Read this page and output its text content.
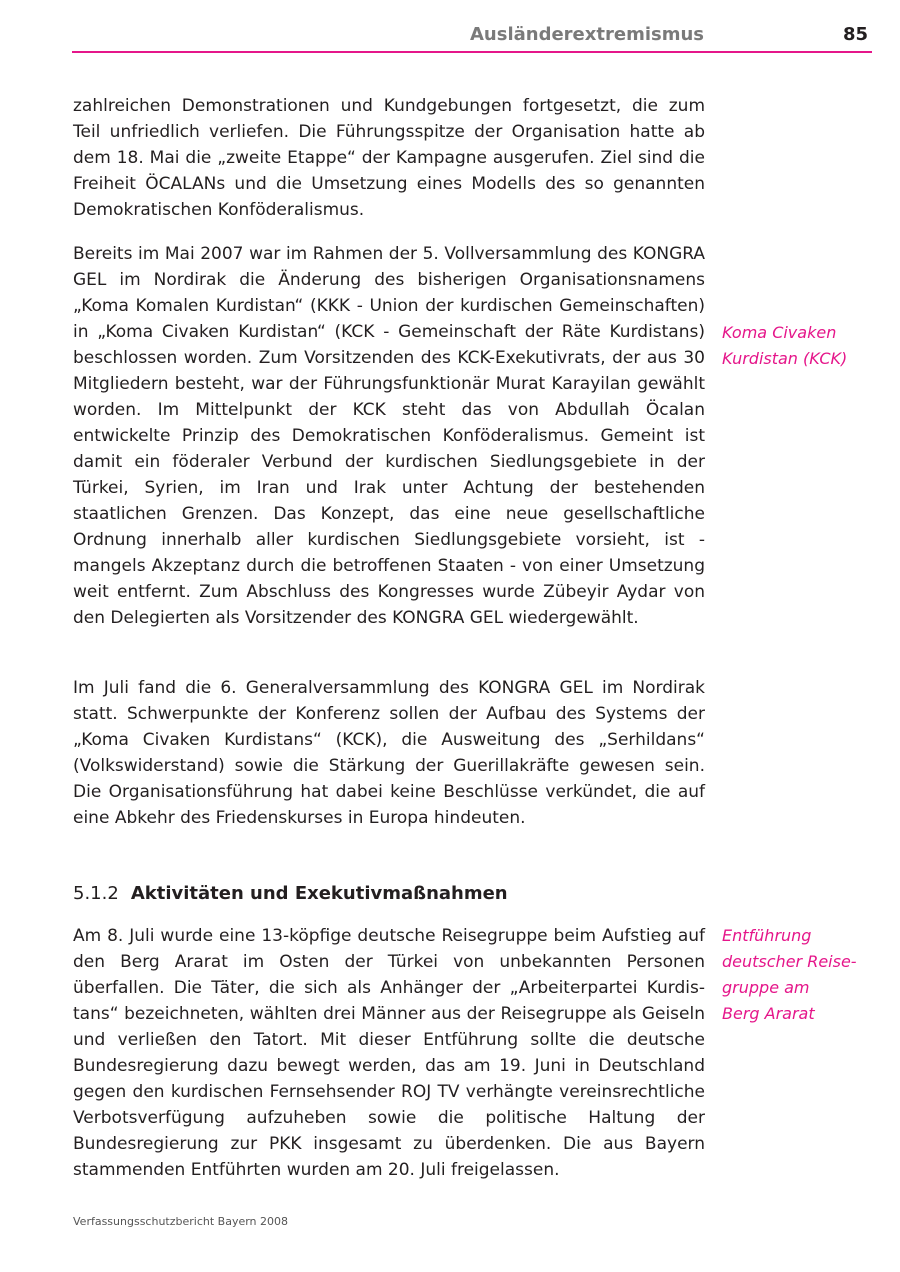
Ausländerextremismus	85

zahlreichen Demonstrationen und Kundgebungen fortgesetzt, die zum Teil unfriedlich verliefen. Die Führungsspitze der Organisation hatte ab dem 18. Mai die „zweite Etappe“ der Kampagne ausgerufen. Ziel sind die Freiheit ÖCALANs und die Umsetzung eines Modells des so genannten Demokratischen Konföderalismus.

Bereits im Mai 2007 war im Rahmen der 5. Vollversammlung des KONGRA GEL im Nordirak die Änderung des bisherigen Organisationsnamens „Koma Komalen Kurdistan“ (KKK - Union der kurdischen Gemeinschaften) in „Koma Civaken Kurdistan“ (KCK - Gemeinschaft der Räte Kurdistans) beschlossen worden. Zum Vorsitzenden des KCK-Exekutivrats, der aus 30 Mitgliedern besteht, war der Führungsfunktionär Murat Karayilan gewählt worden. Im Mittelpunkt der KCK steht das von Abdullah Öcalan entwickelte Prinzip des Demokratischen Konföderalismus. Gemeint ist damit ein föderaler Verbund der kurdischen Siedlungsgebiete in der Türkei, Syrien, im Iran und Irak unter Achtung der bestehenden staatlichen Grenzen. Das Konzept, das eine neue gesellschaftliche Ordnung innerhalb aller kurdischen Siedlungsgebiete vorsieht, ist - mangels Akzeptanz durch die betroffenen Staaten - von einer Umsetzung weit entfernt. Zum Abschluss des Kongresses wurde Zübeyir Aydar von den Delegierten als Vorsitzender des KONGRA GEL wiedergewählt.

Koma Civaken
Kurdistan (KCK)

Im Juli fand die 6. Generalversammlung des KONGRA GEL im Nordirak statt. Schwerpunkte der Konferenz sollen der Aufbau des Systems der „Koma Civaken Kurdistans“ (KCK), die Ausweitung des „Serhildans“ (Volkswiderstand) sowie die Stärkung der Guerillakräfte gewesen sein. Die Organisationsführung hat dabei keine Beschlüsse verkündet, die auf eine Abkehr des Friedenskurses in Europa hindeuten.

5.1.2 Aktivitäten und Exekutivmaßnahmen

Am 8. Juli wurde eine 13-köpfige deutsche Reisegruppe beim Aufstieg auf den Berg Ararat im Osten der Türkei von unbekannten Personen überfallen. Die Täter, die sich als Anhänger der „Arbeiterpartei Kurdistans“ bezeichneten, wählten drei Männer aus der Reisegruppe als Geiseln und verließen den Tatort. Mit dieser Entführung sollte die deutsche Bundesregierung dazu bewegt werden, das am 19. Juni in Deutschland gegen den kurdischen Fernsehsender ROJ TV verhängte vereinsrechtliche Verbotsverfügung aufzuheben sowie die politische Haltung der Bundesregierung zur PKK insgesamt zu überdenken. Die aus Bayern stammenden Entführten wurden am 20. Juli freigelassen.

Entführung
deutscher Reise-
gruppe am
Berg Ararat
Verfassungsschutzbericht Bayern 2008
